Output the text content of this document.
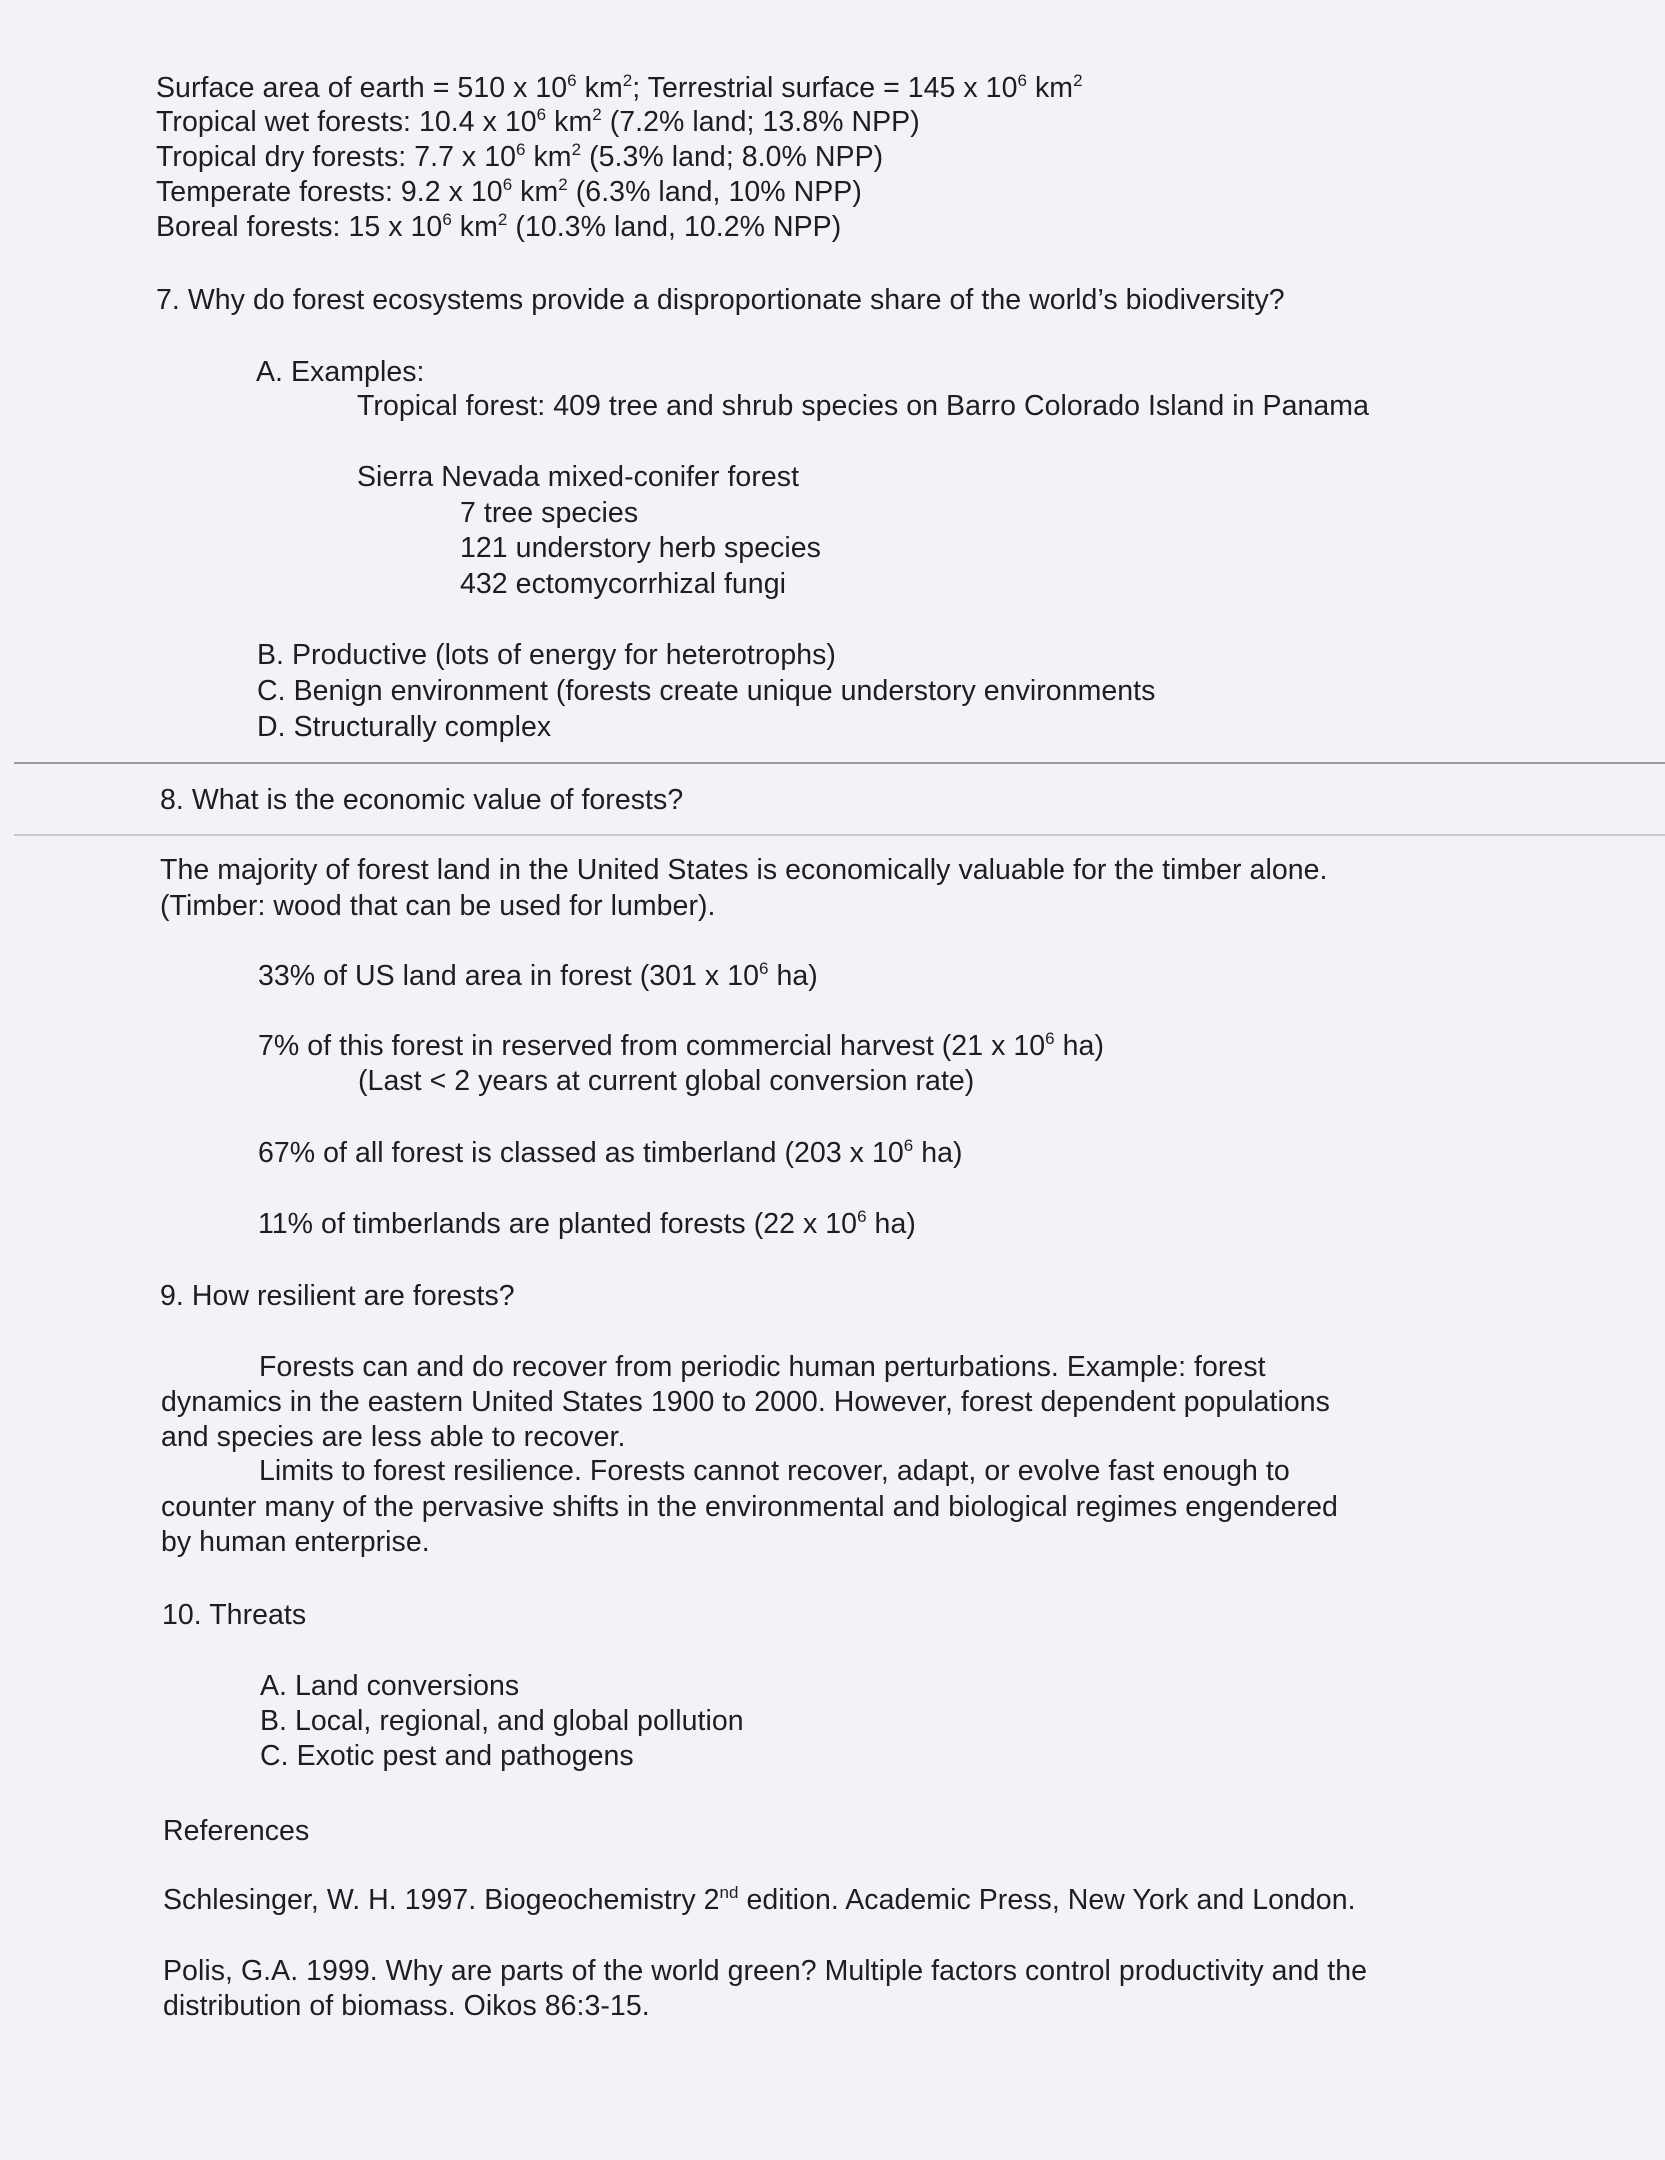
Surface area of earth = 510 x $10^6$ $km^2$; Terrestrial surface = 145 x $10^6$ $km^2$
Tropical wet forests: 10.4 x $10^6$ $km^2$ (7.2% land; 13.8% NPP)
Tropical dry forests: 7.7 x $10^6$ $km^2$ (5.3% land; 8.0% NPP)
Temperate forests: 9.2 x $10^6$ $km^2$ (6.3% land, 10% NPP)
Boreal forests: 15 x $10^6$ $km^2$ (10.3% land, 10.2% NPP)
7. Why do forest ecosystems provide a disproportionate share of the world’s biodiversity?
A. Examples:
Tropical forest: 409 tree and shrub species on Barro Colorado Island in Panama
Sierra Nevada mixed-conifer forest
7 tree species
121 understory herb species
432 ectomycorrhizal fungi
B. Productive (lots of energy for heterotrophs)
C. Benign environment (forests create unique understory environments
D. Structurally complex
8. What is the economic value of forests?
The majority of forest land in the United States is economically valuable for the timber alone.
(Timber: wood that can be used for lumber).
33% of US land area in forest (301 x $10^6$ ha)
7% of this forest in reserved from commercial harvest (21 x $10^6$ ha)
(Last < 2 years at current global conversion rate)
67% of all forest is classed as timberland (203 x $10^6$ ha)
11% of timberlands are planted forests (22 x $10^6$ ha)
9. How resilient are forests?
Forests can and do recover from periodic human perturbations. Example: forest
dynamics in the eastern United States 1900 to 2000. However, forest dependent populations
and species are less able to recover.
Limits to forest resilience. Forests cannot recover, adapt, or evolve fast enough to
counter many of the pervasive shifts in the environmental and biological regimes engendered
by human enterprise.
10. Threats
A. Land conversions
B. Local, regional, and global pollution
C. Exotic pest and pathogens
References
Schlesinger, W. H. 1997. Biogeochemistry 2nd edition. Academic Press, New York and London.
Polis, G.A. 1999. Why are parts of the world green? Multiple factors control productivity and the
distribution of biomass. Oikos 86:3-15.
